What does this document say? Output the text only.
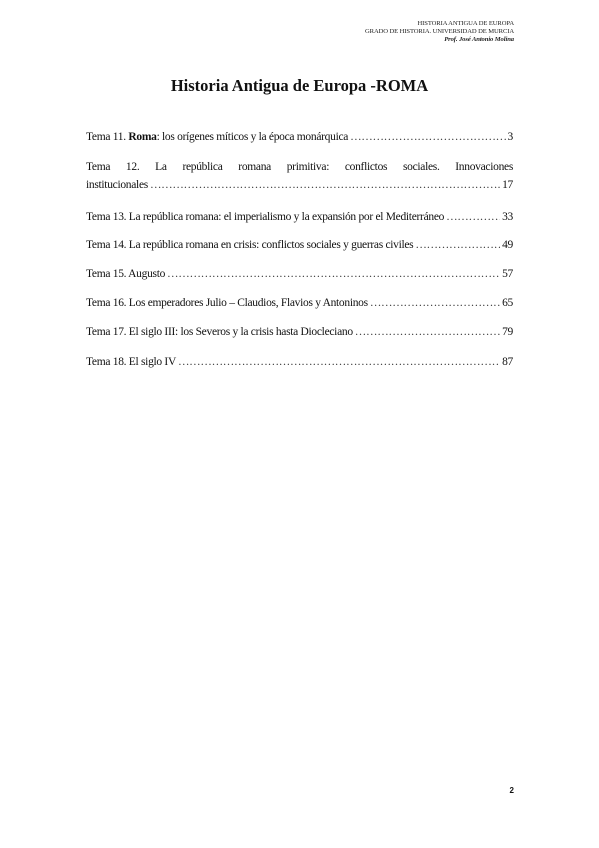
HISTORIA ANTIGUA DE EUROPA
GRADO DE HISTORIA. UNIVERSIDAD DE MURCIA
Prof. José Antonio Molina
Historia Antigua de Europa -ROMA
Tema 11. Roma: los orígenes míticos y la época monárquica ……………………………………………………………………………………………………………………………………	3
Tema 12. La república romana primitiva: conflictos sociales. Innovaciones
institucionales ……………………………………………………………………………………………………………………………………	17
Tema 13. La república romana: el imperialismo y la expansión por el Mediterráneo ……………………………………………………………………………………………………………………………………	33
Tema 14. La república romana en crisis: conflictos sociales y guerras civiles ……………………………………………………………………………………………………………………………………	49
Tema 15. Augusto ……………………………………………………………………………………………………………………………………	57
Tema 16. Los emperadores Julio – Claudios, Flavios y Antoninos ……………………………………………………………………………………………………………………………………	65
Tema 17. El siglo III: los Severos y la crisis hasta Diocleciano ……………………………………………………………………………………………………………………………………	79
Tema 18. El siglo IV ……………………………………………………………………………………………………………………………………	87
2
